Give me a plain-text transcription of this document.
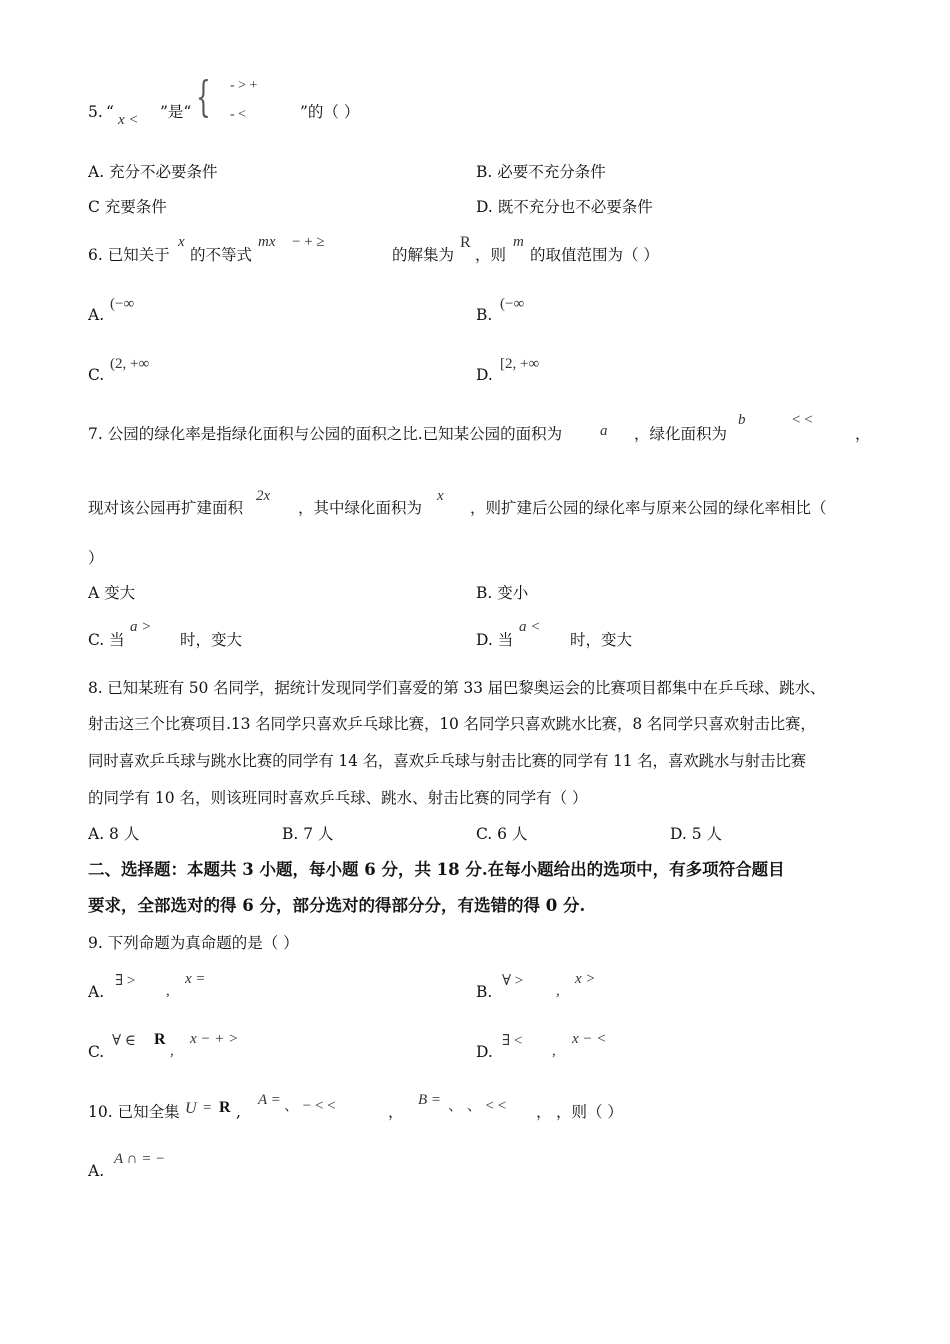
5. “ x < ”是“ { - > +
- <	”的（ ）
A. 充分不必要条件	B. 必要不充分条件
C 充要条件	D. 既不充分也不必要条件
6. 已知关于
x
的不等式
mx − + ≥
的解集为
R
，则
m
的取值范围为（ ）
A.
(−∞
B.
(−∞
C.
(2, +∞
D.
[2, +∞
7. 公园的绿化率是指绿化面积与公园的面积之比.已知某公园的面积为	a ，绿化面积为
b	< <
，
现对该公园再扩建面积
2x
，其中绿化面积为
x
，则扩建后公园的绿化率与原来公园的绿化率相比（
）
A 变大	B. 变小
C. 当
a >
时，变大	D. 当
a <
时，变大
8. 已知某班有 50 名同学，据统计发现同学们喜爱的第 33 届巴黎奥运会的比赛项目都集中在乒乓球、跳水、
射击这三个比赛项目.13 名同学只喜欢乒乓球比赛，10 名同学只喜欢跳水比赛，8 名同学只喜欢射击比赛，
同时喜欢乒乓球与跳水比赛的同学有 14 名，喜欢乒乓球与射击比赛的同学有 11 名，喜欢跳水与射击比赛
的同学有 10 名，则该班同时喜欢乒乓球、跳水、射击比赛的同学有（ ）
A. 8 人	B. 7 人	C. 6 人	D. 5 人
二、选择题：本题共 3 小题，每小题 6 分，共 18 分.在每小题给出的选项中，有多项符合题目
要求，全部选对的得 6 分，部分选对的得部分分，有选错的得 0 分.
9. 下列命题为真命题的是（ ）
A.
∃ >
,
x =
B.
∀ >
,
x >
C.
∀ ∈ R
,
x − + >
D.
∃ <
,
x − <
10. 已知全集 U = R ,
A = 、 − < <	，
B = 、 、 < < ， ，则（ ）
A.
A ∩ = −
